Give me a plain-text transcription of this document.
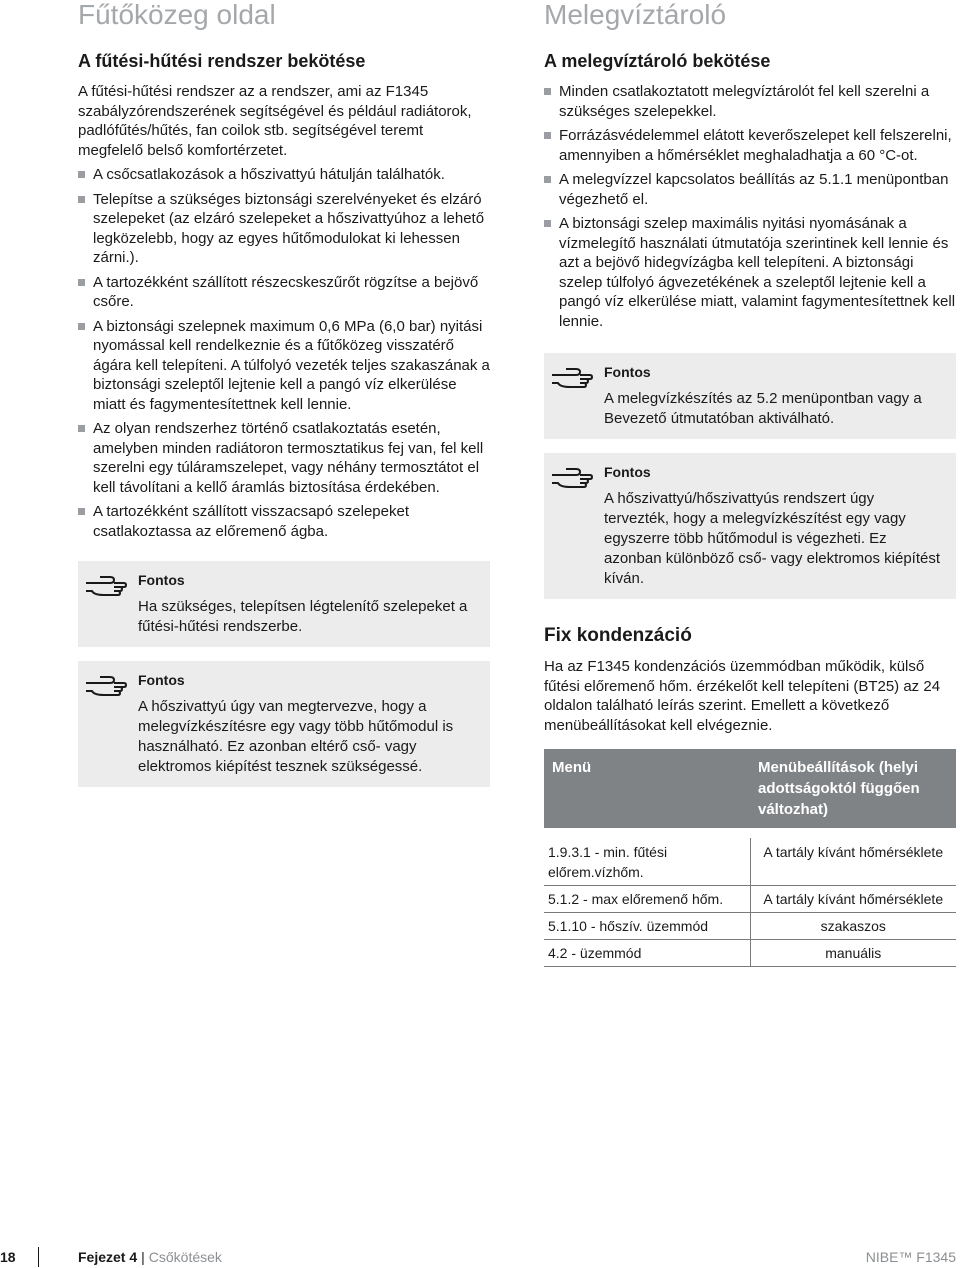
Fűtőközeg oldal
A fűtési-hűtési rendszer bekötése

A fűtési-hűtési rendszer az a rendszer, ami az F1345 szabályzórendszerének segítségével és például radiátorok, padlófűtés/hűtés, fan coilok stb. segítségével teremt megfelelő belső komfortérzetet.

A csőcsatlakozások a hőszivattyú hátulján találhatók.
Telepítse a szükséges biztonsági szerelvényeket és elzáró szelepeket (az elzáró szelepeket a hőszivattyúhoz a lehető legközelebb, hogy az egyes hűtőmodulokat ki lehessen zárni.).
A tartozékként szállított részecskeszűrőt rögzítse a bejövő csőre.
A biztonsági szelepnek maximum 0,6 MPa (6,0 bar) nyitási nyomással kell rendelkeznie és a fűtőközeg visszatérő ágára kell telepíteni. A túlfolyó vezeték teljes szakaszának a biztonsági szeleptől lejtenie kell a pangó víz elkerülése miatt és fagymentesítettnek kell lennie.
Az olyan rendszerhez történő csatlakoztatás esetén, amelyben minden radiátoron termosztatikus fej van, fel kell szerelni egy túláramszelepet, vagy néhány termosztátot el kell távolítani a kellő áramlás biztosítása érdekében.
A tartozékként szállított visszacsapó szelepeket csatlakoztassa az előremenő ágba.
Fontos
Ha szükséges, telepítsen légtelenítő szelepeket a fűtési-hűtési rendszerbe.
Fontos
A hőszivattyú úgy van megtervezve, hogy a melegvízkészítésre egy vagy több hűtőmodul is használható. Ez azonban eltérő cső- vagy elektromos kiépítést tesznek szükségessé.
Melegvíztároló
A melegvíztároló bekötése
Minden csatlakoztatott melegvíztárolót fel kell szerelni a szükséges szelepekkel.
Forrázásvédelemmel elátott keverőszelepet kell felszerelni, amennyiben a hőmérséklet meghaladhatja a 60 °C-ot.
A melegvízzel kapcsolatos beállítás az 5.1.1 menüpontban végezhető el.
A biztonsági szelep maximális nyitási nyomásának a vízmelegítő használati útmutatója szerintinek kell lennie és azt a bejövő hidegvízágba kell telepíteni. A biztonsági szelep túlfolyó ágvezetékének a szeleptől lejtenie kell a pangó víz elkerülése miatt, valamint fagymentesítettnek kell lennie.
Fontos
A melegvízkészítés az 5.2 menüpontban vagy a Bevezető útmutatóban aktiválható.
Fontos
A hőszivattyú/hőszivattyús rendszert úgy tervezték, hogy a melegvízkészítést egy vagy egyszerre több hűtőmodul is végezheti. Ez azonban különböző cső- vagy elektromos kiépítést kíván.
Fix kondenzáció

Ha az F1345 kondenzációs üzemmódban működik, külső fűtési előremenő hőm. érzékelőt kell telepíteni (BT25) az 24 oldalon található leírás szerint. Emellett a következő menübeállításokat kell elvégeznie.

Menü	Menübeállítások (helyi adottságoktól függően változhat)

1.9.3.1 - min. fűtési előrem.vízhőm.	A tartály kívánt hőmérséklete
5.1.2 - max előremenő hőm.	A tartály kívánt hőmérséklete
5.1.10 - hőszív. üzemmód	szakaszos
4.2 - üzemmód	manuális
18	Fejezet 4 | Csőkötések	NIBE™ F1345
